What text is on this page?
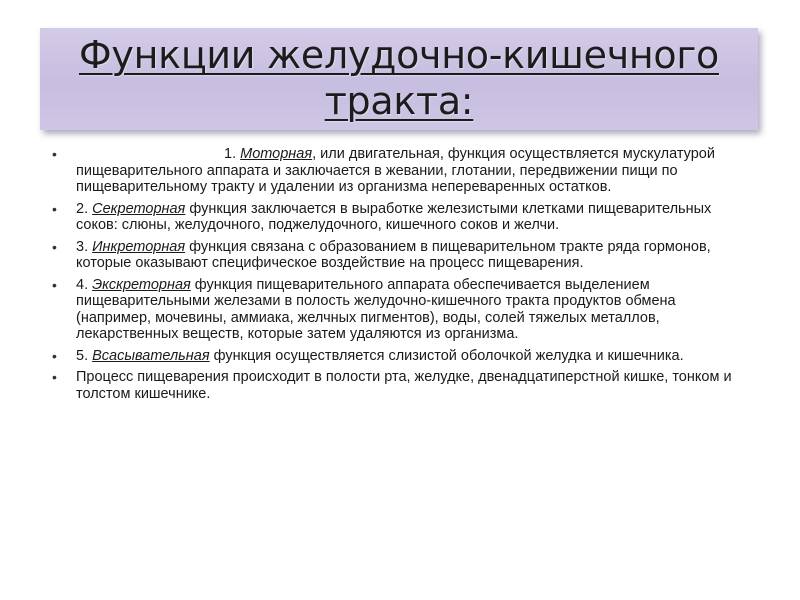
Функции желудочно-кишечного
тракта:
•	1. Моторная, или двигательная, функция осуществляется мускулатурой пищеварительного аппарата и заключается в жевании, глотании, передвижении пищи по пищеварительному тракту и удалении из организма непереваренных остатков.
• 2. Секреторная функция заключается в выработке железистыми клетками пищеварительных соков: слюны, желудочного, поджелудочного, кишечного соков и желчи.
• 3. Инкреторная функция связана с образованием в пищеварительном тракте ряда гормонов, которые оказывают специфическое воздействие на процесс пищеварения.
• 4. Экскреторная функция пищеварительного аппарата обеспечивается выделением пищеварительными железами в полость желудочно-кишечного тракта продуктов обмена (например, мочевины, аммиака, желчных пигментов), воды, солей тяжелых металлов, лекарственных веществ, которые затем удаляются из организма.
• 5. Всасывательная функция осуществляется слизистой оболочкой желудка и кишечника.
• Процесс пищеварения происходит в полости рта, желудке, двенадцатиперстной кишке, тонком и толстом кишечнике.
